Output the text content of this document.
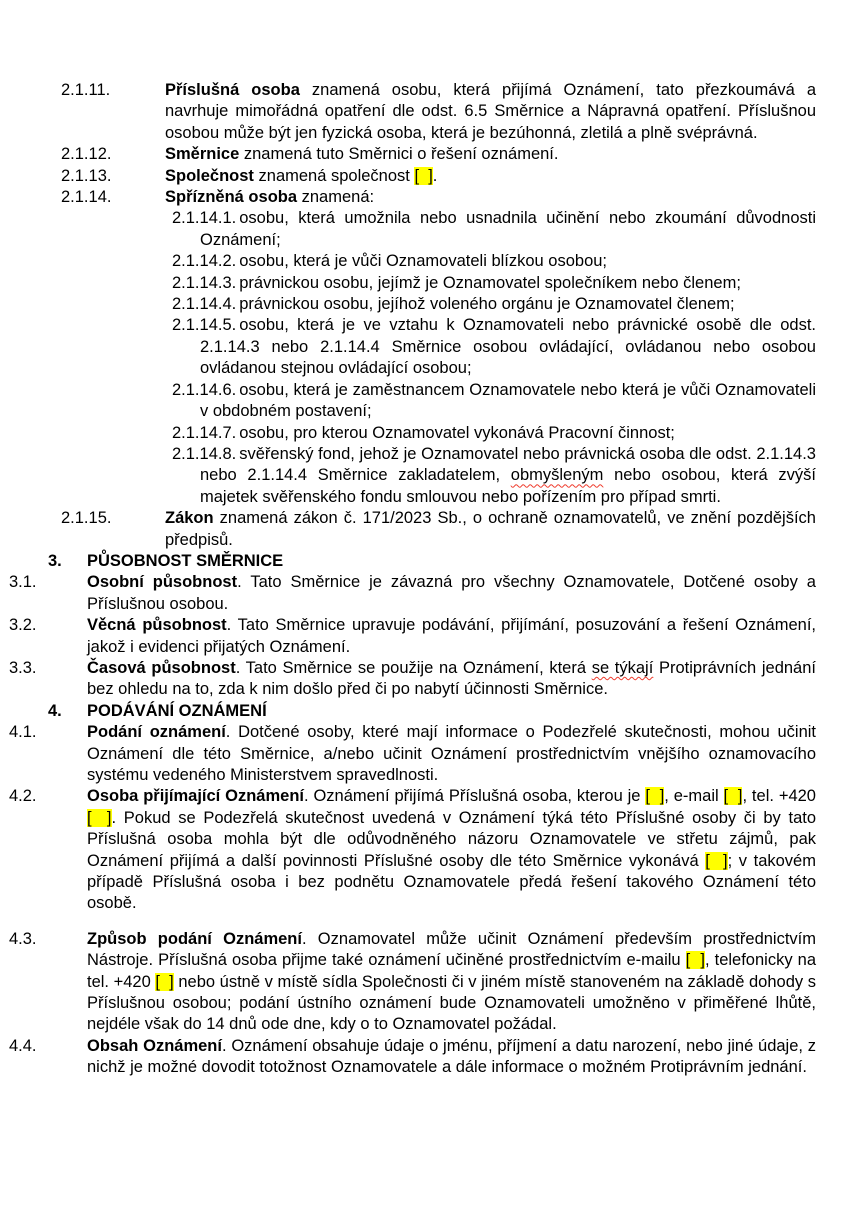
2.1.11.	Příslušná osoba znamená osobu, která přijímá Oznámení, tato přezkoumává a navrhuje mimořádná opatření dle odst. 6.5 Směrnice a Nápravná opatření. Příslušnou osobou může být jen fyzická osoba, která je bezúhonná, zletilá a plně svéprávná.
2.1.12.	Směrnice znamená tuto Směrnici o řešení oznámení.
2.1.13.	Společnost znamená společnost [  ].
2.1.14.	Spřízněná osoba znamená:
2.1.14.1. osobu, která umožnila nebo usnadnila učinění nebo zkoumání důvodnosti Oznámení;
2.1.14.2. osobu, která je vůči Oznamovateli blízkou osobou;
2.1.14.3. právnickou osobu, jejímž je Oznamovatel společníkem nebo členem;
2.1.14.4. právnickou osobu, jejíhož voleného orgánu je Oznamovatel členem;
2.1.14.5. osobu, která je ve vztahu k Oznamovateli nebo právnické osobě dle odst. 2.1.14.3 nebo 2.1.14.4 Směrnice osobou ovládající, ovládanou nebo osobou ovládanou stejnou ovládající osobou;
2.1.14.6. osobu, která je zaměstnancem Oznamovatele nebo která je vůči Oznamovateli v obdobném postavení;
2.1.14.7. osobu, pro kterou Oznamovatel vykonává Pracovní činnost;
2.1.14.8. svěřenský fond, jehož je Oznamovatel nebo právnická osoba dle odst. 2.1.14.3 nebo 2.1.14.4 Směrnice zakladatelem, obmyšleným nebo osobou, která zvýší majetek svěřenského fondu smlouvou nebo pořízením pro případ smrti.
2.1.15.	Zákon znamená zákon č. 171/2023 Sb., o ochraně oznamovatelů, ve znění pozdějších předpisů.
3. PŮSOBNOST SMĚRNICE
3.1.	Osobní působnost. Tato Směrnice je závazná pro všechny Oznamovatele, Dotčené osoby a Příslušnou osobou.
3.2.	Věcná působnost. Tato Směrnice upravuje podávání, přijímání, posuzování a řešení Oznámení, jakož i evidenci přijatých Oznámení.
3.3.	Časová působnost. Tato Směrnice se použije na Oznámení, která se týkají Protiprávních jednání bez ohledu na to, zda k nim došlo před či po nabytí účinnosti Směrnice.
4. PODÁVÁNÍ OZNÁMENÍ
4.1.	Podání oznámení. Dotčené osoby, které mají informace o Podezřelé skutečnosti, mohou učinit Oznámení dle této Směrnice, a/nebo učinit Oznámení prostřednictvím vnějšího oznamovacího systému vedeného Ministerstvem spravedlnosti.
4.2.	Osoba přijímající Oznámení. Oznámení přijímá Příslušná osoba, kterou je [  ], e-mail [  ], tel. +420 [  ]. Pokud se Podezřelá skutečnost uvedená v Oznámení týká této Příslušné osoby či by tato Příslušná osoba mohla být dle odůvodněného názoru Oznamovatele ve střetu zájmů, pak Oznámení přijímá a další povinnosti Příslušné osoby dle této Směrnice vykonává [  ]; v takovém případě Příslušná osoba i bez podnětu Oznamovatele předá řešení takového Oznámení této osobě.
4.3.	Způsob podání Oznámení. Oznamovatel může učinit Oznámení především prostřednictvím Nástroje. Příslušná osoba přijme také oznámení učiněné prostřednictvím e-mailu [  ], telefonicky na tel. +420 [  ] nebo ústně v místě sídla Společnosti či v jiném místě stanoveném na základě dohody s Příslušnou osobou; podání ústního oznámení bude Oznamovateli umožněno v přiměřené lhůtě, nejdéle však do 14 dnů ode dne, kdy o to Oznamovatel požádal.
4.4.	Obsah Oznámení. Oznámení obsahuje údaje o jménu, příjmení a datu narození, nebo jiné údaje, z nichž je možné dovodit totožnost Oznamovatele a dále informace o možném Protiprávním jednání.
